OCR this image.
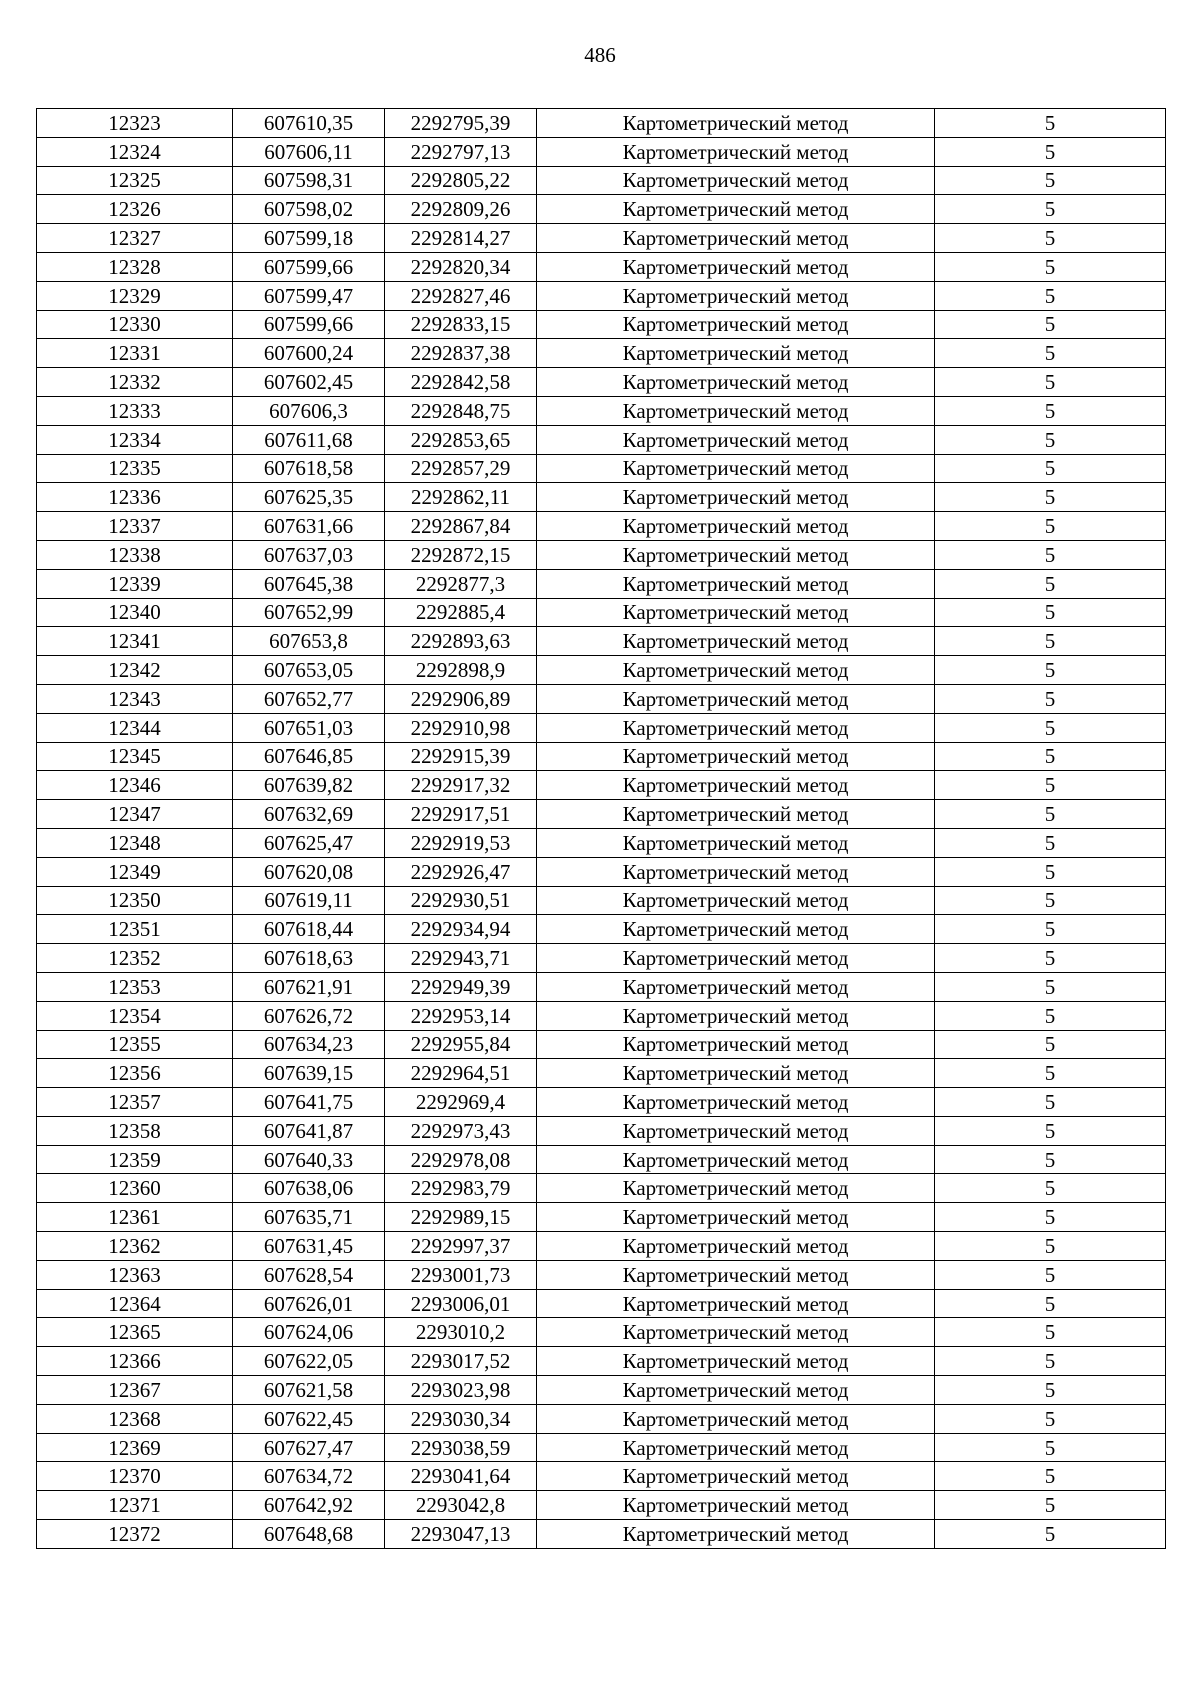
486
12323	607610,35	2292795,39	Картометрический метод	5
12324	607606,11	2292797,13	Картометрический метод	5
12325	607598,31	2292805,22	Картометрический метод	5
12326	607598,02	2292809,26	Картометрический метод	5
12327	607599,18	2292814,27	Картометрический метод	5
12328	607599,66	2292820,34	Картометрический метод	5
12329	607599,47	2292827,46	Картометрический метод	5
12330	607599,66	2292833,15	Картометрический метод	5
12331	607600,24	2292837,38	Картометрический метод	5
12332	607602,45	2292842,58	Картометрический метод	5
12333	607606,3	2292848,75	Картометрический метод	5
12334	607611,68	2292853,65	Картометрический метод	5
12335	607618,58	2292857,29	Картометрический метод	5
12336	607625,35	2292862,11	Картометрический метод	5
12337	607631,66	2292867,84	Картометрический метод	5
12338	607637,03	2292872,15	Картометрический метод	5
12339	607645,38	2292877,3	Картометрический метод	5
12340	607652,99	2292885,4	Картометрический метод	5
12341	607653,8	2292893,63	Картометрический метод	5
12342	607653,05	2292898,9	Картометрический метод	5
12343	607652,77	2292906,89	Картометрический метод	5
12344	607651,03	2292910,98	Картометрический метод	5
12345	607646,85	2292915,39	Картометрический метод	5
12346	607639,82	2292917,32	Картометрический метод	5
12347	607632,69	2292917,51	Картометрический метод	5
12348	607625,47	2292919,53	Картометрический метод	5
12349	607620,08	2292926,47	Картометрический метод	5
12350	607619,11	2292930,51	Картометрический метод	5
12351	607618,44	2292934,94	Картометрический метод	5
12352	607618,63	2292943,71	Картометрический метод	5
12353	607621,91	2292949,39	Картометрический метод	5
12354	607626,72	2292953,14	Картометрический метод	5
12355	607634,23	2292955,84	Картометрический метод	5
12356	607639,15	2292964,51	Картометрический метод	5
12357	607641,75	2292969,4	Картометрический метод	5
12358	607641,87	2292973,43	Картометрический метод	5
12359	607640,33	2292978,08	Картометрический метод	5
12360	607638,06	2292983,79	Картометрический метод	5
12361	607635,71	2292989,15	Картометрический метод	5
12362	607631,45	2292997,37	Картометрический метод	5
12363	607628,54	2293001,73	Картометрический метод	5
12364	607626,01	2293006,01	Картометрический метод	5
12365	607624,06	2293010,2	Картометрический метод	5
12366	607622,05	2293017,52	Картометрический метод	5
12367	607621,58	2293023,98	Картометрический метод	5
12368	607622,45	2293030,34	Картометрический метод	5
12369	607627,47	2293038,59	Картометрический метод	5
12370	607634,72	2293041,64	Картометрический метод	5
12371	607642,92	2293042,8	Картометрический метод	5
12372	607648,68	2293047,13	Картометрический метод	5
